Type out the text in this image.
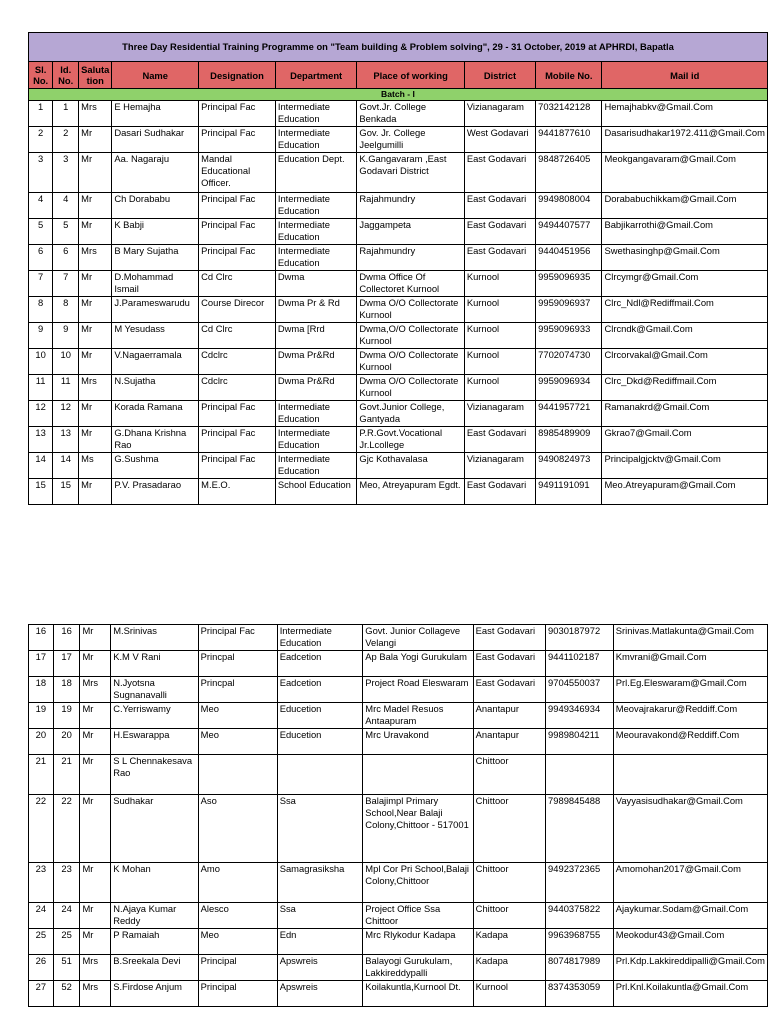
Three Day Residential Training Programme on "Team building & Problem solving", 29 - 31 October, 2019 at APHRDI, Bapatla									
Sl. No.	Id. No.	Saluta tion	Name	Designation	Department	Place of working	District	Mobile No.	Mail id
Batch - I									
1	1	Mrs	E Hemajha	Principal Fac	Intermediate Education	Govt.Jr. College Benkada	Vizianagaram	7032142128	Hemajhabkv@Gmail.Com
2	2	Mr	Dasari Sudhakar	Principal Fac	Intermediate Education	Gov. Jr. College Jeelgumilli	West Godavari	9441877610	Dasarisudhakar1972.411@Gmail.Com
3	3	Mr	Aa. Nagaraju	Mandal Educational Officer.	Education Dept.	K.Gangavaram ,East Godavari District	East Godavari	9848726405	Meokgangavaram@Gmail.Com
4	4	Mr	Ch Dorababu	Principal Fac	Intermediate Education	Rajahmundry	East Godavari	9949808004	Dorababuchikkam@Gmail.Com
5	5	Mr	K Babji	Principal Fac	Intermediate Education	Jaggampeta	East Godavari	9494407577	Babjikarrothi@Gmail.Com
6	6	Mrs	B Mary Sujatha	Principal Fac	Intermediate Education	Rajahmundry	East Godavari	9440451956	Swethasinghp@Gmail.Com
7	7	Mr	D.Mohammad Ismail	Cd Clrc	Dwma	Dwma Office Of Collectoret Kurnool	Kurnool	9959096935	Clrcymgr@Gmail.Com
8	8	Mr	J.Parameswarudu	Course Direcor	Dwma Pr & Rd	Dwma O/O Collectorate Kurnool	Kurnool	9959096937	Clrc_Ndl@Rediffmail.Com
9	9	Mr	M Yesudass	Cd Clrc	Dwma [Rrd	Dwma,O/O Collectorate Kurnool	Kurnool	9959096933	Clrcndk@Gmail.Com
10	10	Mr	V.Nagaerramala	Cdclrc	Dwma Pr&Rd	Dwma O/O Collectorate Kurnool	Kurnool	7702074730	Clrcorvakal@Gmail.Com
11	11	Mrs	N.Sujatha	Cdclrc	Dwma Pr&Rd	Dwma O/O Collectorate Kurnool	Kurnool	9959096934	Clrc_Dkd@Rediffmail.Com
12	12	Mr	Korada Ramana	Principal Fac	Intermediate Education	Govt.Junior College, Gantyada	Vizianagaram	9441957721	Ramanakrd@Gmail.Com
13	13	Mr	G.Dhana Krishna Rao	Principal Fac	Intermediate Education	P.R.Govt.Vocational Jr.Lcollege	East Godavari	8985489909	Gkrao7@Gmail.Com
14	14	Ms	G.Sushma	Principal Fac	Intermediate Education	Gjc Kothavalasa	Vizianagaram	9490824973	Principalgjcktv@Gmail.Com
15	15	Mr	P.V. Prasadarao	M.E.O.	School Education	Meo, Atreyapuram Egdt.	East Godavari	9491191091	Meo.Atreyapuram@Gmail.Com
16	16	Mr	M.Srinivas	Principal Fac	Intermediate Education	Govt. Junior Collageve Velangi	East Godavari	9030187972	Srinivas.Matlakunta@Gmail.Com
17	17	Mr	K.M V Rani	Princpal	Eadcetion	Ap Bala Yogi Gurukulam	East Godavari	9441102187	Kmvrani@Gmail.Com
18	18	Mrs	N.Jyotsna Sugnanavalli	Princpal	Eadcetion	Project Road Eleswaram	East Godavari	9704550037	Prl.Eg.Eleswaram@Gmail.Com
19	19	Mr	C.Yerriswamy	Meo	Educetion	Mrc Madel Resuos Antaapuram	Anantapur	9949346934	Meovajrakarur@Reddiff.Com
20	20	Mr	H.Eswarappa	Meo	Educetion	Mrc Uravakond	Anantapur	9989804211	Meouravakond@Reddiff.Com
21	21	Mr	S L Chennakesava Rao				Chittoor		
22	22	Mr	Sudhakar	Aso	Ssa	Balajimpl Primary School,Near Balaji Colony,Chittoor - 517001	Chittoor	7989845488	Vayyasisudhakar@Gmail.Com
23	23	Mr	K Mohan	Amo	Samagrasiksha	Mpl Cor Pri School,Balaji Colony,Chittoor	Chittoor	9492372365	Amomohan2017@Gmail.Com
24	24	Mr	N.Ajaya Kumar Reddy	Alesco	Ssa	Project Office Ssa Chittoor	Chittoor	9440375822	Ajaykumar.Sodam@Gmail.Com
25	25	Mr	P Ramaiah	Meo	Edn	Mrc Rlykodur Kadapa	Kadapa	9963968755	Meokodur43@Gmail.Com
26	51	Mrs	B.Sreekala Devi	Principal	Apswreis	Balayogi Gurukulam, Lakkireddypalli	Kadapa	8074817989	Prl.Kdp.Lakkireddipalli@Gmail.Com
27	52	Mrs	S.Firdose Anjum	Principal	Apswreis	Koilakuntla,Kurnool Dt.	Kurnool	8374353059	Prl.Knl.Koilakuntla@Gmail.Com
